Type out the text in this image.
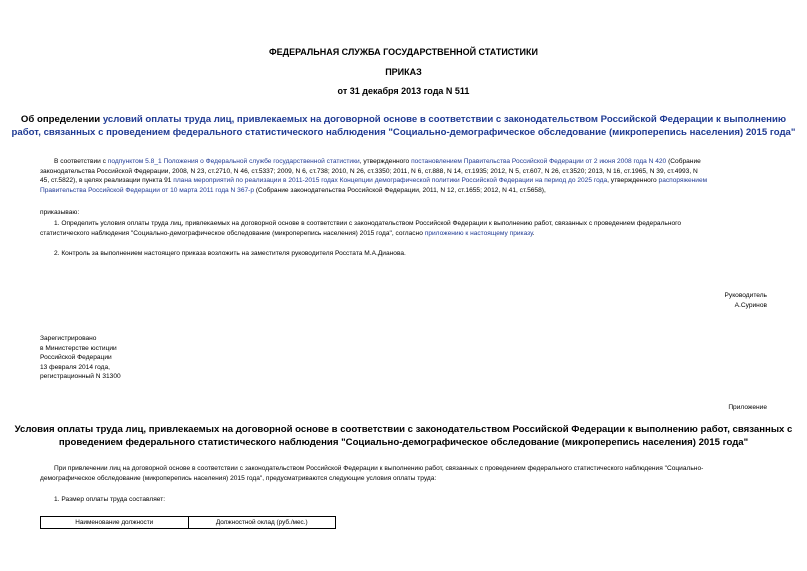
ФЕДЕРАЛЬНАЯ СЛУЖБА ГОСУДАРСТВЕННОЙ СТАТИСТИКИ
ПРИКАЗ
от 31 декабря 2013 года N 511
Об определении условий оплаты труда лиц, привлекаемых на договорной основе в соответствии с законодательством Российской Федерации к выполнению
работ, связанных с проведением федерального статистического наблюдения "Социально-демографическое обследование (микроперепись населения) 2015 года"
В соответствии с подпунктом 5.8_1 Положения о Федеральной службе государственной статистики, утвержденного постановлением Правительства Российской Федерации от 2 июня 2008 года N 420 (Собрание
законодательства Российской Федерации, 2008, N 23, ст.2710, N 46, ст.5337; 2009, N 6, ст.738; 2010, N 26, ст.3350; 2011, N 6, ст.888, N 14, ст.1935; 2012, N 5, ст.607, N 26, ст.3520; 2013, N 16, ст.1965, N 39, ст.4993, N
45, ст.5822), в целях реализации пункта 91 плана мероприятий по реализации в 2011-2015 годах Концепции демографической политики Российской Федерации на период до 2025 года, утвержденного распоряжением
Правительства Российской Федерации от 10 марта 2011 года N 367-р (Собрание законодательства Российской Федерации, 2011, N 12, ст.1655; 2012, N 41, ст.5658),
приказываю:
1. Определить условия оплаты труда лиц, привлекаемых на договорной основе в соответствии с законодательством Российской Федерации к выполнению работ, связанных с проведением федерального
статистического наблюдения "Социально-демографическое обследование (микроперепись населения) 2015 года", согласно приложению к настоящему приказу.
2. Контроль за выполнением настоящего приказа возложить на заместителя руководителя Росстата М.А.Дианова.
Руководитель
А.Суринов
Зарегистрировано
в Министерстве юстиции
Российской Федерации
13 февраля 2014 года,
регистрационный N 31300
Приложение
Условия оплаты труда лиц, привлекаемых на договорной основе в соответствии с законодательством Российской Федерации к выполнению работ, связанных с
проведением федерального статистического наблюдения "Социально-демографическое обследование (микроперепись населения) 2015 года"
При привлечении лиц на договорной основе в соответствии с законодательством Российской Федерации к выполнению работ, связанных с проведением федерального статистического наблюдения "Социально-
демографическое обследование (микроперепись населения) 2015 года", предусматриваются следующие условия оплаты труда:
1. Размер оплаты труда составляет:
Наименование должности	Должностной оклад (руб./мес.)
